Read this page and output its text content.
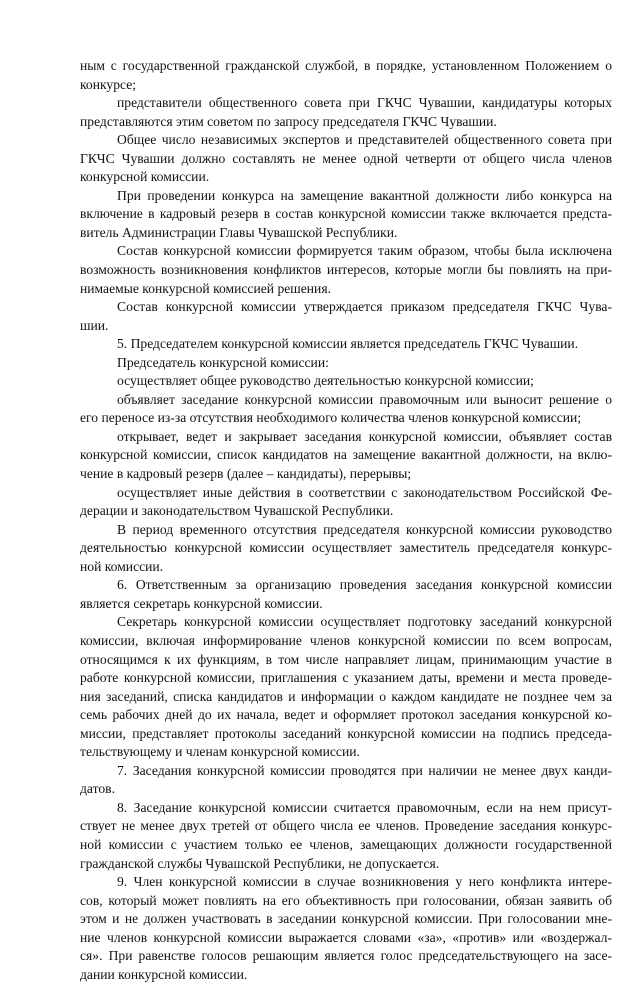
ным с государственной гражданской службой, в порядке, установленном Положением о
конкурсе;
представители общественного совета при ГКЧС Чувашии, кандидатуры которых
представляются этим советом по запросу председателя ГКЧС Чувашии.
Общее число независимых экспертов и представителей общественного совета при
ГКЧС Чувашии должно составлять не менее одной четверти от общего числа членов
конкурсной комиссии.
При проведении конкурса на замещение вакантной должности либо конкурса на
включение в кадровый резерв в состав конкурсной комиссии также включается предста-
витель Администрации Главы Чувашской Республики.
Состав конкурсной комиссии формируется таким образом, чтобы была исключена
возможность возникновения конфликтов интересов, которые могли бы повлиять на при-
нимаемые конкурсной комиссией решения.
Состав конкурсной комиссии утверждается приказом председателя ГКЧС Чува-
шии.
5. Председателем конкурсной комиссии является председатель ГКЧС Чувашии.
Председатель конкурсной комиссии:
осуществляет общее руководство деятельностью конкурсной комиссии;
объявляет заседание конкурсной комиссии правомочным или выносит решение о
его переносе из-за отсутствия необходимого количества членов конкурсной комиссии;
открывает, ведет и закрывает заседания конкурсной комиссии, объявляет состав
конкурсной комиссии, список кандидатов на замещение вакантной должности, на вклю-
чение в кадровый резерв (далее – кандидаты), перерывы;
осуществляет иные действия в соответствии с законодательством Российской Фе-
дерации и законодательством Чувашской Республики.
В период временного отсутствия председателя конкурсной комиссии руководство
деятельностью конкурсной комиссии осуществляет заместитель председателя конкурс-
ной комиссии.
6. Ответственным за организацию проведения заседания конкурсной комиссии
является секретарь конкурсной комиссии.
Секретарь конкурсной комиссии осуществляет подготовку заседаний конкурсной
комиссии, включая информирование членов конкурсной комиссии по всем вопросам,
относящимся к их функциям, в том числе направляет лицам, принимающим участие в
работе конкурсной комиссии, приглашения с указанием даты, времени и места проведе-
ния заседаний, списка кандидатов и информации о каждом кандидате не позднее чем за
семь рабочих дней до их начала, ведет и оформляет протокол заседания конкурсной ко-
миссии, представляет протоколы заседаний конкурсной комиссии на подпись председа-
тельствующему и членам конкурсной комиссии.
7. Заседания конкурсной комиссии проводятся при наличии не менее двух канди-
датов.
8. Заседание конкурсной комиссии считается правомочным, если на нем присут-
ствует не менее двух третей от общего числа ее членов. Проведение заседания конкурс-
ной комиссии с участием только ее членов, замещающих должности государственной
гражданской службы Чувашской Республики, не допускается.
9. Член конкурсной комиссии в случае возникновения у него конфликта интере-
сов, который может повлиять на его объективность при голосовании, обязан заявить об
этом и не должен участвовать в заседании конкурсной комиссии. При голосовании мне-
ние членов конкурсной комиссии выражается словами «за», «против» или «воздержал-
ся». При равенстве голосов решающим является голос председательствующего на засе-
дании конкурсной комиссии.
